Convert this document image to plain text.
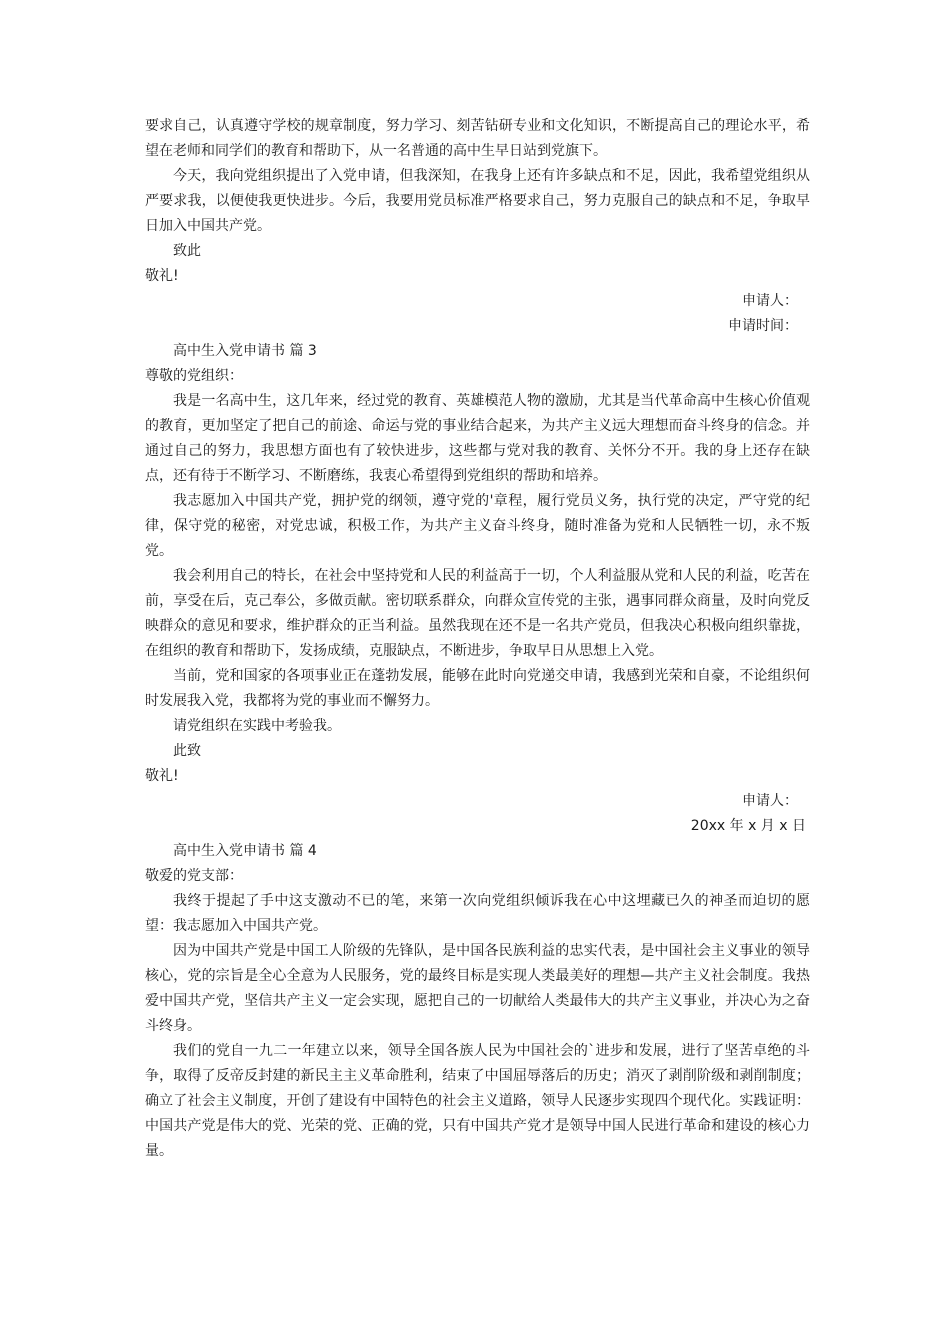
要求自己，认真遵守学校的规章制度，努力学习、刻苦钻研专业和文化知识，不断提高自己的理论水平，希望在老师和同学们的教育和帮助下，从一名普通的高中生早日站到党旗下。

今天，我向党组织提出了入党申请，但我深知，在我身上还有许多缺点和不足，因此，我希望党组织从严要求我，以便使我更快进步。今后，我要用党员标准严格要求自己，努力克服自己的缺点和不足，争取早日加入中国共产党。

致此

敬礼!

申请人：

申请时间：

高中生入党申请书 篇 3

尊敬的党组织：

我是一名高中生，这几年来，经过党的教育、英雄模范人物的激励，尤其是当代革命高中生核心价值观的教育，更加坚定了把自己的前途、命运与党的事业结合起来，为共产主义远大理想而奋斗终身的信念。并通过自己的努力，我思想方面也有了较快进步，这些都与党对我的教育、关怀分不开。我的身上还存在缺点，还有待于不断学习、不断磨练，我衷心希望得到党组织的帮助和培养。

我志愿加入中国共产党，拥护党的纲领，遵守党的'章程，履行党员义务，执行党的决定，严守党的纪律，保守党的秘密，对党忠诚，积极工作，为共产主义奋斗终身，随时准备为党和人民牺牲一切，永不叛党。

我会利用自己的特长，在社会中坚持党和人民的利益高于一切，个人利益服从党和人民的利益，吃苦在前，享受在后，克己奉公，多做贡献。密切联系群众，向群众宣传党的主张，遇事同群众商量，及时向党反映群众的意见和要求，维护群众的正当利益。虽然我现在还不是一名共产党员，但我决心积极向组织靠拢，在组织的教育和帮助下，发扬成绩，克服缺点，不断进步，争取早日从思想上入党。

当前，党和国家的各项事业正在蓬勃发展，能够在此时向党递交申请，我感到光荣和自豪，不论组织何时发展我入党，我都将为党的事业而不懈努力。

请党组织在实践中考验我。

此致

敬礼!

申请人：

20xx 年 x 月 x 日

高中生入党申请书 篇 4

敬爱的党支部：

我终于提起了手中这支激动不已的笔，来第一次向党组织倾诉我在心中这埋藏已久的神圣而迫切的愿望：我志愿加入中国共产党。

因为中国共产党是中国工人阶级的先锋队，是中国各民族利益的忠实代表，是中国社会主义事业的领导核心，党的宗旨是全心全意为人民服务，党的最终目标是实现人类最美好的理想—共产主义社会制度。我热爱中国共产党，坚信共产主义一定会实现，愿把自己的一切献给人类最伟大的共产主义事业，并决心为之奋斗终身。

我们的党自一九二一年建立以来，领导全国各族人民为中国社会的`进步和发展，进行了坚苦卓绝的斗争，取得了反帝反封建的新民主主义革命胜利，结束了中国屈辱落后的历史；消灭了剥削阶级和剥削制度；确立了社会主义制度，开创了建设有中国特色的社会主义道路，领导人民逐步实现四个现代化。实践证明：中国共产党是伟大的党、光荣的党、正确的党，只有中国共产党才是领导中国人民进行革命和建设的核心力量。
